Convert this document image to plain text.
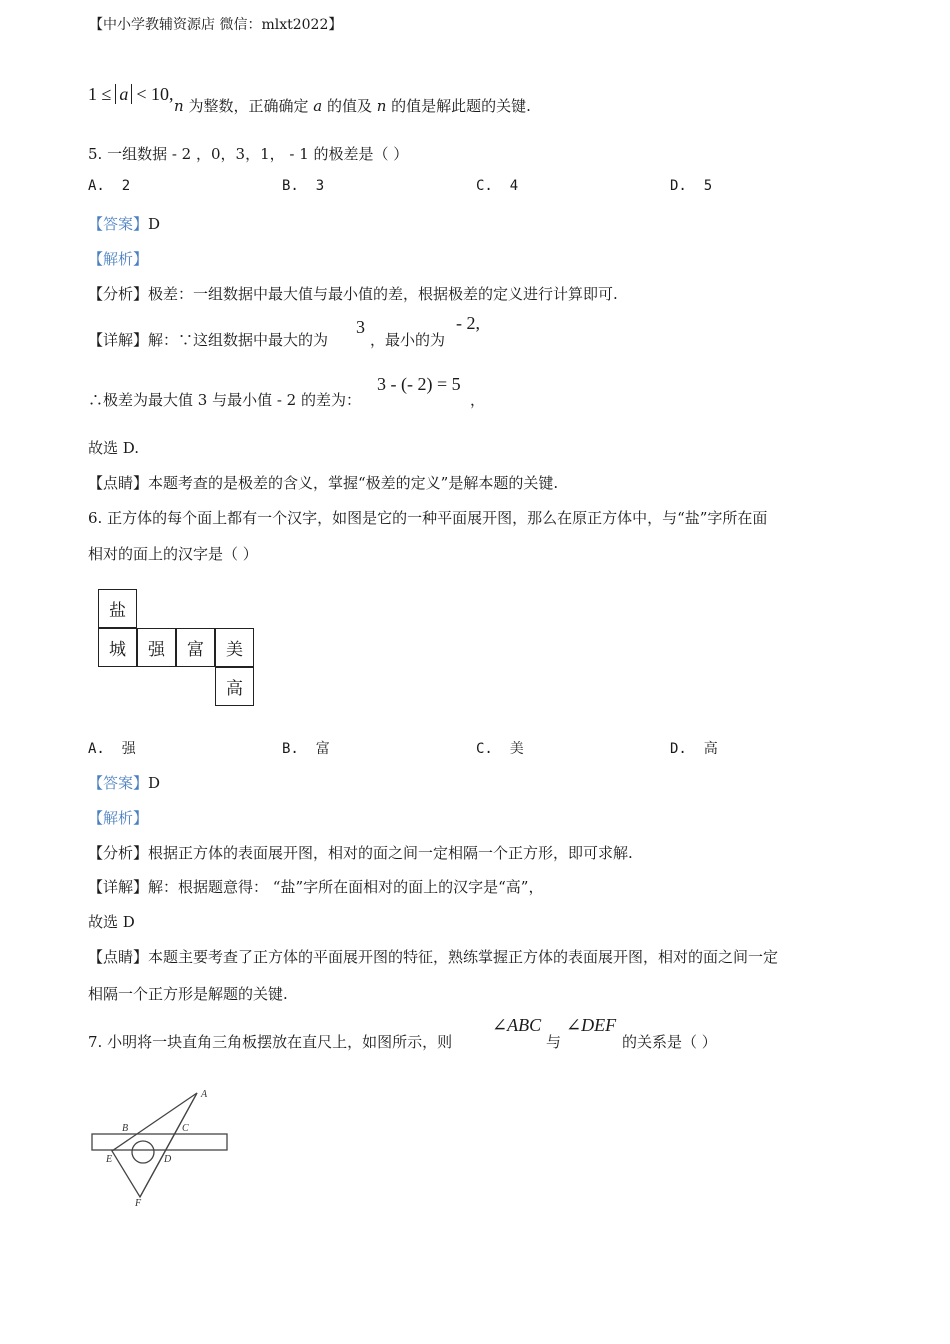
【中小学教辅资源店 微信：mlxt2022】
1 ≤ a < 10,
n 为整数，正确确定 a 的值及 n 的值是解此题的关键.
5. 一组数据 - 2 ，0，3，1， - 1 的极差是（ ）
A. 2	B. 3	C. 4	D. 5
【答案】D
【解析】
【分析】极差：一组数据中最大值与最小值的差，根据极差的定义进行计算即可.
【详解】解：∵这组数据中最大的为
3
，最小的为
- 2,
∴极差为最大值 3 与最小值 - 2 的差为：
3 - (- 2) = 5
，
故选 D.
【点睛】本题考查的是极差的含义，掌握“极差的定义”是解本题的关键.
6. 正方体的每个面上都有一个汉字，如图是它的一种平面展开图，那么在原正方体中，与“盐”字所在面
相对的面上的汉字是（ ）
盐
城	强	富	美
高
A. 强	B. 富	C. 美	D. 高
【答案】D
【解析】
【分析】根据正方体的表面展开图，相对的面之间一定相隔一个正方形，即可求解.
【详解】解：根据题意得： “盐”字所在面相对的面上的汉字是“高”，
故选 D
【点睛】本题主要考查了正方体的平面展开图的特征，熟练掌握正方体的表面展开图，相对的面之间一定
相隔一个正方形是解题的关键.
7. 小明将一块直角三角板摆放在直尺上，如图所示，则
∠ABC
与
∠DEF
的关系是（ ）
A
B	C
D
E
F
